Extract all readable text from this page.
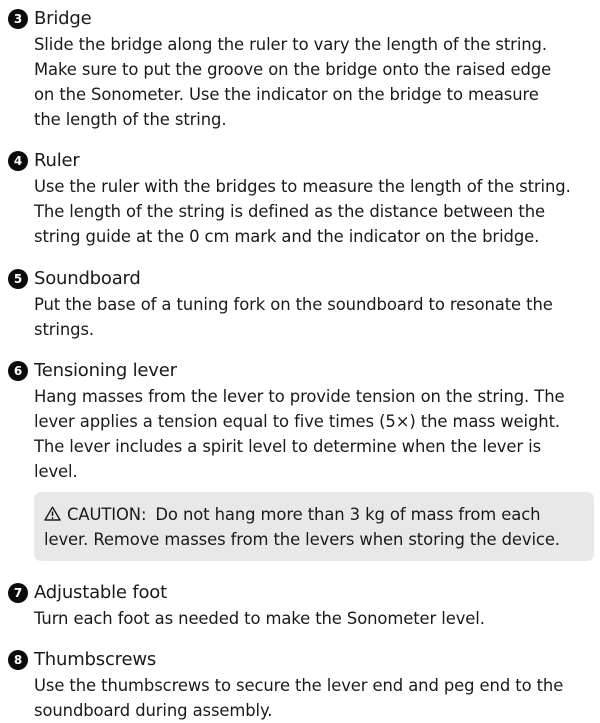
3 Bridge
Slide the bridge along the ruler to vary the length of the string.
Make sure to put the groove on the bridge onto the raised edge
on the Sonometer. Use the indicator on the bridge to measure
the length of the string.
4 Ruler
Use the ruler with the bridges to measure the length of the string.
The length of the string is defined as the distance between the
string guide at the 0 cm mark and the indicator on the bridge.
5 Soundboard
Put the base of a tuning fork on the soundboard to resonate the
strings.
6 Tensioning lever
Hang masses from the lever to provide tension on the string. The
lever applies a tension equal to five times (5×) the mass weight.
The lever includes a spirit level to determine when the lever is
level.
CAUTION: Do not hang more than 3 kg of mass from each
lever. Remove masses from the levers when storing the device.
7 Adjustable foot
Turn each foot as needed to make the Sonometer level.
8 Thumbscrews
Use the thumbscrews to secure the lever end and peg end to the
soundboard during assembly.
